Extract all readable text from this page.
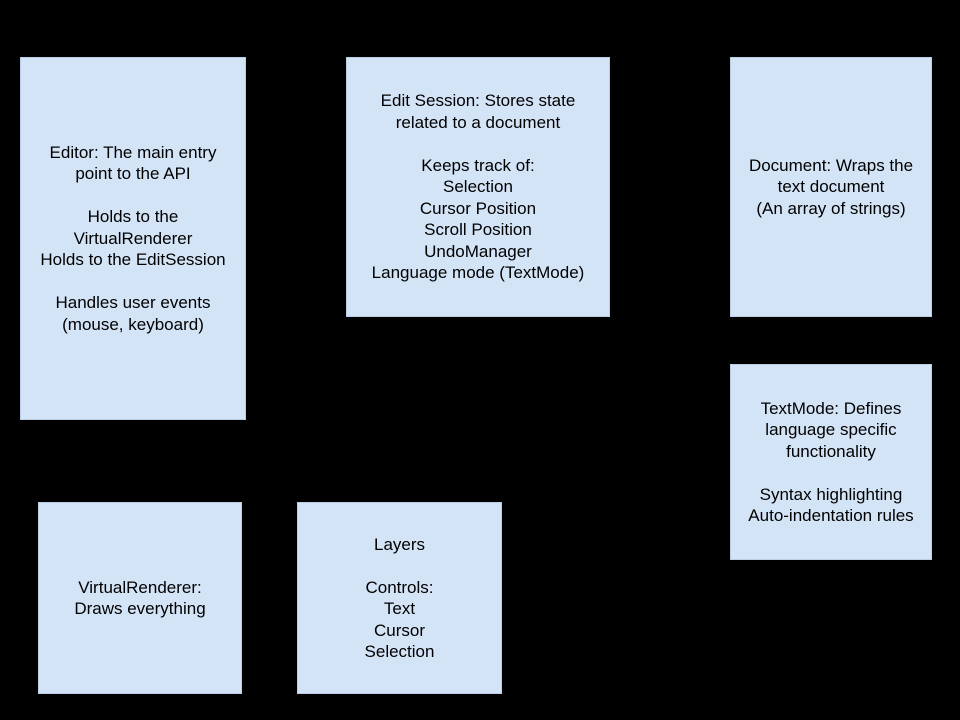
Editor: The main entry
point to the API

Holds to the
VirtualRenderer
Holds to the EditSession

Handles user events
(mouse, keyboard)
Edit Session: Stores state
related to a document

Keeps track of:
Selection
Cursor Position
Scroll Position
UndoManager
Language mode (TextMode)
Document: Wraps the
text document
(An array of strings)
TextMode: Defines
language specific
functionality

Syntax highlighting
Auto-indentation rules
VirtualRenderer:
Draws everything
Layers

Controls:
Text
Cursor
Selection
